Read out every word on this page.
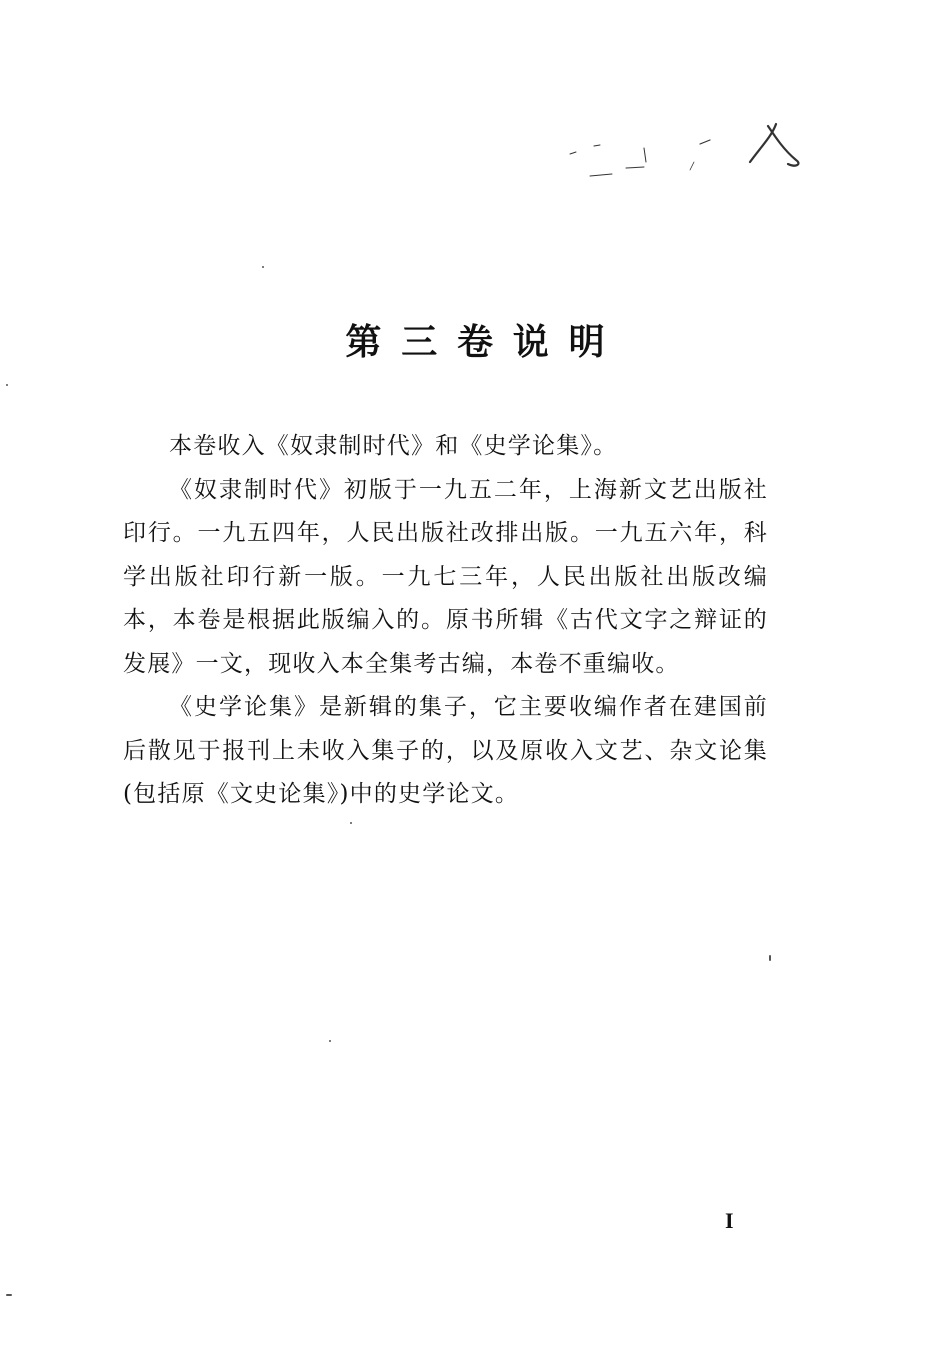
第三卷说明

本卷收入《奴隶制时代》和《史学论集》。

《奴隶制时代》初版于一九五二年，上海新文艺出版社印行。一九五四年，人民出版社改排出版。一九五六年，科学出版社印行新一版。一九七三年，人民出版社出版改编本，本卷是根据此版编入的。原书所辑《古代文字之辩证的发展》一文，现收入本全集考古编，本卷不重编收。

《史学论集》是新辑的集子，它主要收编作者在建国前后散见于报刊上未收入集子的，以及原收入文艺、杂文论集(包括原《文史论集》)中的史学论文。

I
